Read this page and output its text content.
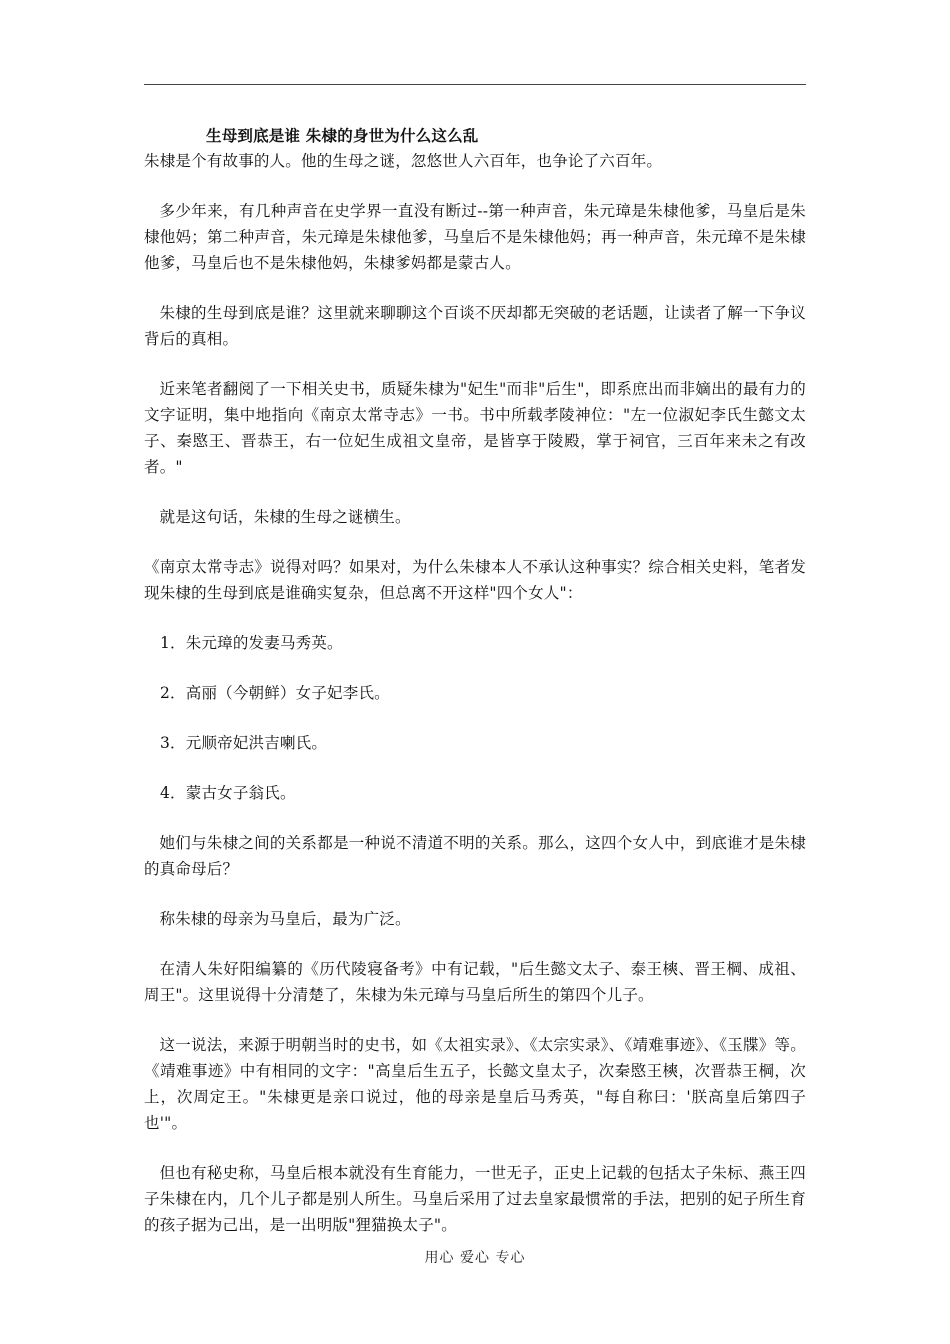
生母到底是谁 朱棣的身世为什么这么乱

朱棣是个有故事的人。他的生母之谜，忽悠世人六百年，也争论了六百年。

多少年来，有几种声音在史学界一直没有断过--第一种声音，朱元璋是朱棣他爹，马皇后是朱棣他妈；第二种声音，朱元璋是朱棣他爹，马皇后不是朱棣他妈；再一种声音，朱元璋不是朱棣他爹，马皇后也不是朱棣他妈，朱棣爹妈都是蒙古人。

朱棣的生母到底是谁？这里就来聊聊这个百谈不厌却都无突破的老话题，让读者了解一下争议背后的真相。

近来笔者翻阅了一下相关史书，质疑朱棣为"妃生"而非"后生"，即系庶出而非嫡出的最有力的文字证明，集中地指向《南京太常寺志》一书。书中所载孝陵神位："左一位淑妃李氏生懿文太子、秦愍王、晋恭王，右一位妃生成祖文皇帝，是皆享于陵殿，掌于祠官，三百年来未之有改者。"

就是这句话，朱棣的生母之谜横生。

《南京太常寺志》说得对吗？如果对，为什么朱棣本人不承认这种事实？综合相关史料，笔者发现朱棣的生母到底是谁确实复杂，但总离不开这样"四个女人"：

1．朱元璋的发妻马秀英。
2．高丽（今朝鲜）女子妃李氏。
3．元顺帝妃洪吉喇氏。
4．蒙古女子翁氏。

她们与朱棣之间的关系都是一种说不清道不明的关系。那么，这四个女人中，到底谁才是朱棣的真命母后？

称朱棣的母亲为马皇后，最为广泛。

在清人朱好阳编纂的《历代陵寝备考》中有记载，"后生懿文太子、泰王樉、晋王棡、成祖、周王"。这里说得十分清楚了，朱棣为朱元璋与马皇后所生的第四个儿子。

这一说法，来源于明朝当时的史书，如《太祖实录》、《太宗实录》、《靖难事迹》、《玉牒》等。《靖难事迹》中有相同的文字："高皇后生五子，长懿文皇太子，次秦愍王樉，次晋恭王棡，次上，次周定王。"朱棣更是亲口说过，他的母亲是皇后马秀英，"每自称曰：'朕高皇后第四子也'"。

但也有秘史称，马皇后根本就没有生育能力，一世无子，正史上记载的包括太子朱标、燕王四子朱棣在内，几个儿子都是别人所生。马皇后采用了过去皇家最惯常的手法，把别的妃子所生育的孩子据为己出，是一出明版"狸猫换太子"。

用心 爱心 专心
